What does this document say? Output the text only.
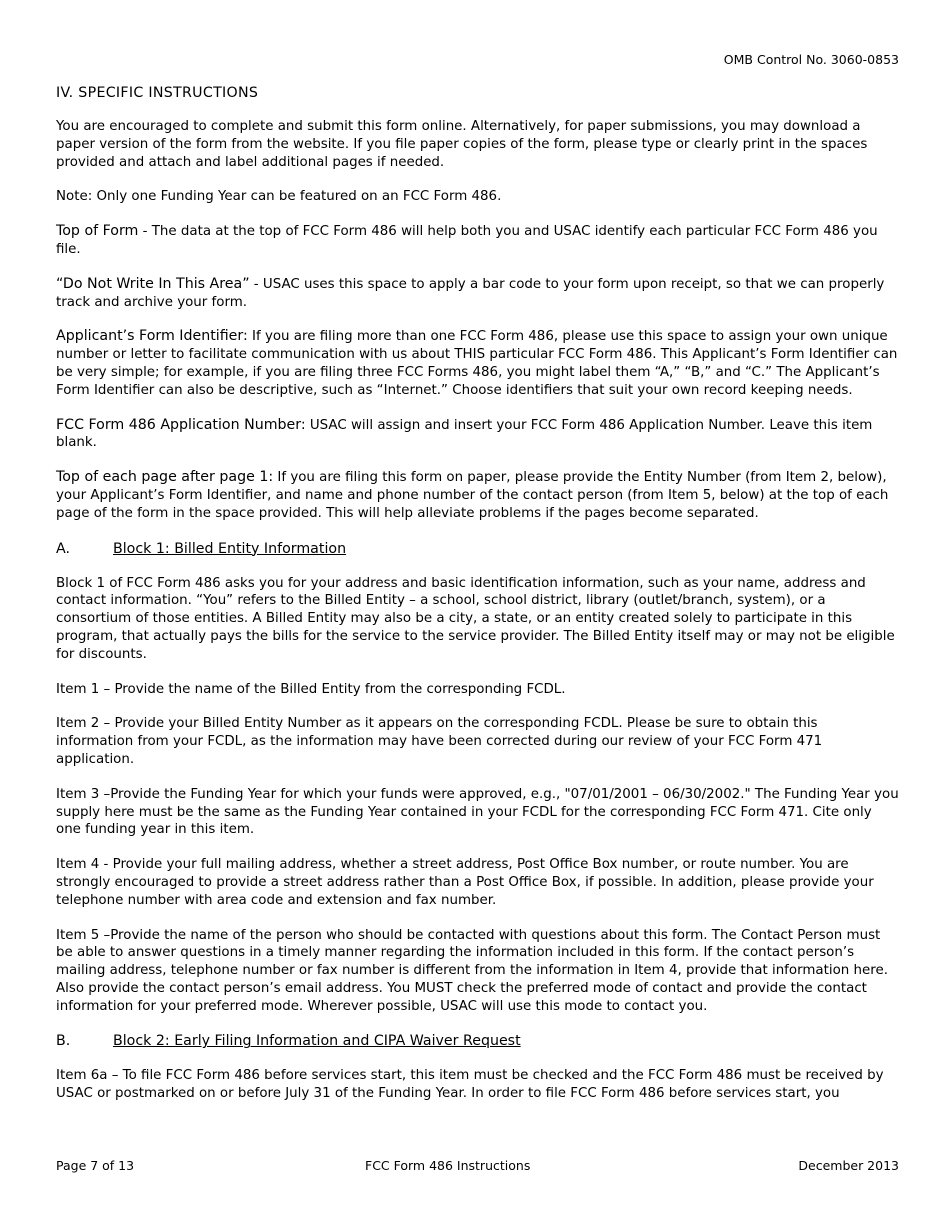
OMB Control No. 3060-0853
IV. SPECIFIC INSTRUCTIONS

You are encouraged to complete and submit this form online. Alternatively, for paper submissions, you may download a paper version of the form from the website. If you file paper copies of the form, please type or clearly print in the spaces provided and attach and label additional pages if needed.

Note: Only one Funding Year can be featured on an FCC Form 486.

Top of Form - The data at the top of FCC Form 486 will help both you and USAC identify each particular FCC Form 486 you file.

“Do Not Write In This Area” - USAC uses this space to apply a bar code to your form upon receipt, so that we can properly track and archive your form.

Applicant’s Form Identifier: If you are filing more than one FCC Form 486, please use this space to assign your own unique number or letter to facilitate communication with us about THIS particular FCC Form 486. This Applicant’s Form Identifier can be very simple; for example, if you are filing three FCC Forms 486, you might label them “A,” “B,” and “C.” The Applicant’s Form Identifier can also be descriptive, such as “Internet.” Choose identifiers that suit your own record keeping needs.

FCC Form 486 Application Number: USAC will assign and insert your FCC Form 486 Application Number. Leave this item blank.

Top of each page after page 1: If you are filing this form on paper, please provide the Entity Number (from Item 2, below), your Applicant’s Form Identifier, and name and phone number of the contact person (from Item 5, below) at the top of each page of the form in the space provided. This will help alleviate problems if the pages become separated.

A.	Block 1: Billed Entity Information

Block 1 of FCC Form 486 asks you for your address and basic identification information, such as your name, address and contact information. “You” refers to the Billed Entity – a school, school district, library (outlet/branch, system), or a consortium of those entities. A Billed Entity may also be a city, a state, or an entity created solely to participate in this program, that actually pays the bills for the service to the service provider. The Billed Entity itself may or may not be eligible for discounts.

Item 1 – Provide the name of the Billed Entity from the corresponding FCDL.

Item 2 – Provide your Billed Entity Number as it appears on the corresponding FCDL. Please be sure to obtain this information from your FCDL, as the information may have been corrected during our review of your FCC Form 471 application.

Item 3 –Provide the Funding Year for which your funds were approved, e.g., "07/01/2001 – 06/30/2002." The Funding Year you supply here must be the same as the Funding Year contained in your FCDL for the corresponding FCC Form 471. Cite only one funding year in this item.

Item 4 - Provide your full mailing address, whether a street address, Post Office Box number, or route number. You are strongly encouraged to provide a street address rather than a Post Office Box, if possible. In addition, please provide your telephone number with area code and extension and fax number.

Item 5 –Provide the name of the person who should be contacted with questions about this form. The Contact Person must be able to answer questions in a timely manner regarding the information included in this form. If the contact person’s mailing address, telephone number or fax number is different from the information in Item 4, provide that information here. Also provide the contact person’s email address. You MUST check the preferred mode of contact and provide the contact information for your preferred mode. Wherever possible, USAC will use this mode to contact you.

B.	Block 2: Early Filing Information and CIPA Waiver Request

Item 6a – To file FCC Form 486 before services start, this item must be checked and the FCC Form 486 must be received by USAC or postmarked on or before July 31 of the Funding Year. In order to file FCC Form 486 before services start, you

Page 7 of 13	FCC Form 486 Instructions	December 2013
